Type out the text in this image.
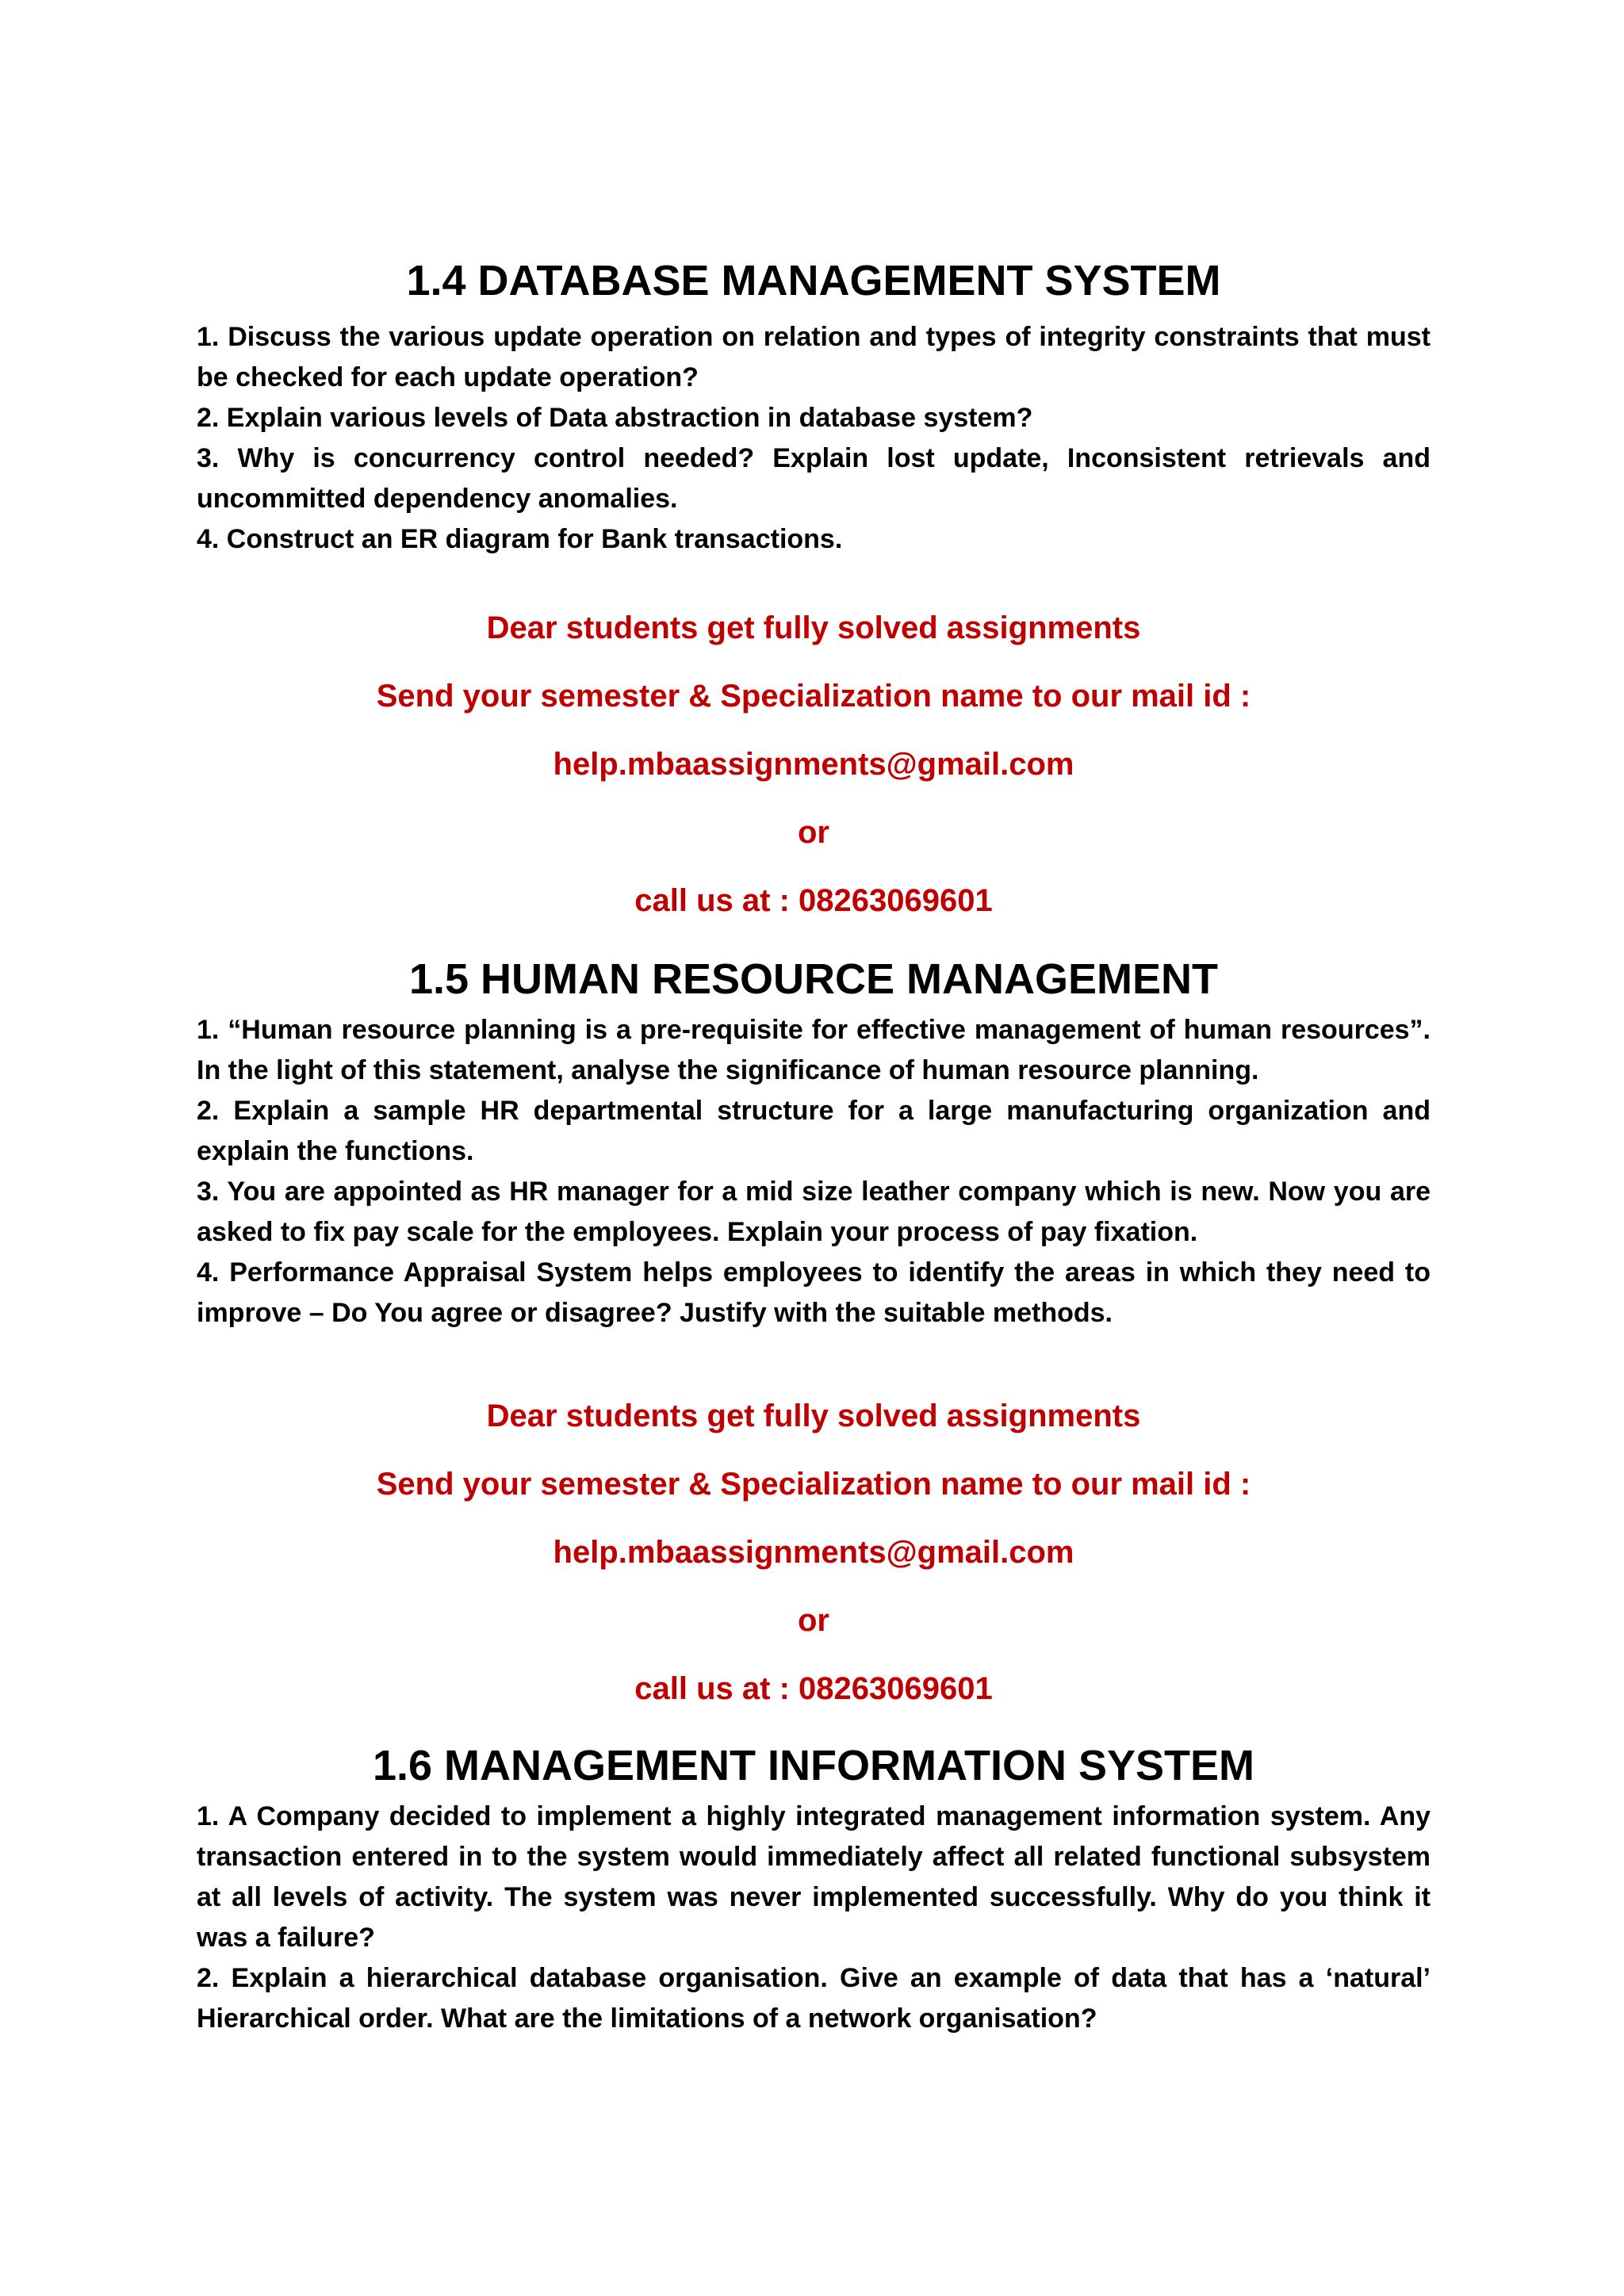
1.4 DATABASE MANAGEMENT SYSTEM

1. Discuss the various update operation on relation and types of integrity constraints that must be checked for each update operation?

2. Explain various levels of Data abstraction in database system?

3. Why is concurrency control needed? Explain lost update, Inconsistent retrievals and uncommitted dependency anomalies.

4. Construct an ER diagram for Bank transactions.

Dear students get fully solved assignments
Send your semester & Specialization name to our mail id :
help.mbaassignments@gmail.com
or
call us at : 08263069601
1.5 HUMAN RESOURCE MANAGEMENT

1. “Human resource planning is a pre-requisite for effective management of human resources”. In the light of this statement, analyse the significance of human resource planning.

2. Explain a sample HR departmental structure for a large manufacturing organization and explain the functions.

3. You are appointed as HR manager for a mid size leather company which is new. Now you are asked to fix pay scale for the employees. Explain your process of pay fixation.

4. Performance Appraisal System helps employees to identify the areas in which they need to improve – Do You agree or disagree? Justify with the suitable methods.

Dear students get fully solved assignments
Send your semester & Specialization name to our mail id :
help.mbaassignments@gmail.com
or
call us at : 08263069601
1.6 MANAGEMENT INFORMATION SYSTEM

1. A Company decided to implement a highly integrated management information system. Any transaction entered in to the system would immediately affect all related functional subsystem at all levels of activity. The system was never implemented successfully. Why do you think it was a failure?

2. Explain a hierarchical database organisation. Give an example of data that has a ‘natural’ Hierarchical order. What are the limitations of a network organisation?
